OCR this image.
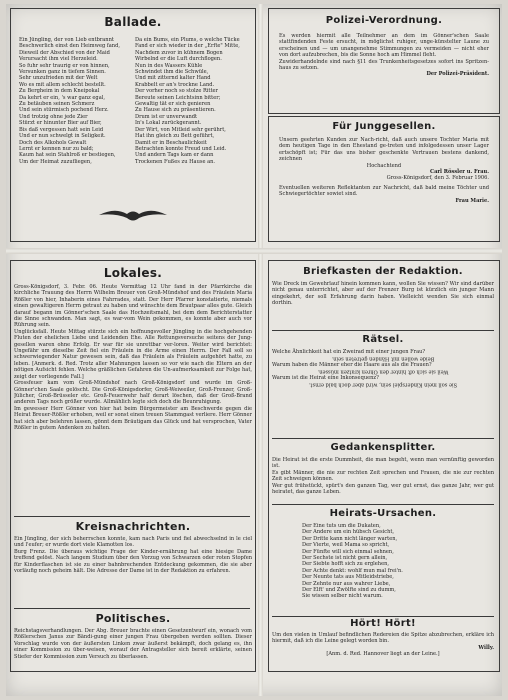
Ballade.
Ein Jüngling, der von Lieb entbrannt
Beschwerlich einst den Heimweg fand,
Dieweil der Abschied von der Maid
Verursacht ihm viel Herzeleid.
So fuhr sehr traurig er von hinnen,
Versunken ganz in tiefem Sinnen.
Sehr unzufrieden mit der Welt
Wo es mit allem schlecht bestellt.
Zu Bergheim in dem Kneipokal
Da kehrt er ein, 's war ganz egal,
Zu betäuben seinen Schmerz
Und sein stürmisch pochend Herz.
Und trotzig ohne jede Zier
Stürzt er hinunter Bier auf Bier,
Bis daß vergessen hatt sein Leid
Und er nun schwelgt in Seligkeit.
Doch des Alkohols Gewalt
Lernt er kennen nur zu bald;
Kaum hat sein Stahlroß er bestiegen,
Um der Heimat zuzufliegen,
Da ein Bums, ein Plums, o welche Tücke
Fand er sich wieder in der „Erfte" Mitte,
Nachdem zuvor in kühnem Bogen
Wirbelnd er die Luft durchflogen.
Nun in des Wassers Kühle
Schwindet ihm die Schwüle,
Und mit zitternd kalter Hand
Krabbelt er an's trockne Land.
Der vorher noch so stolze Ritter
Bereute seinen Leichtsinn bitter;
Gewaltig tät er sich genieren
Zu Hause sich zu präsentieren.
Drum ist er unverwandt
In's Lokal zurückgerannt.
Der Wirt, von Mitleid sehr gerührt,
Hat ihn gleich zu Bett geführt,
Damit er in Beschaulichkeit
Betrachten konnte Freud und Leid.
Und andern Tags kam er dann
Trockenen Fußes zu Hause an.
Polizei-Verordnung.

Es werden hiermit alle Teilnehmer an dem im Gönner'schen Saale stattfindenden Feste ersucht, in möglichst ruhiger, unge-künstelter Laune zu erscheinen und — um unangenehme Stimmungen zu vermeiden — nicht eher von dort aufzubrechen, bis die Sonne hoch am Himmel fleht.

Zuwiderhandelnde sind nach §11 des Trunkenheitsgesetzes sofort ins Spritzen-haus zu setzen.

Der Polizei-Präsident.

Für Junggesellen.

Unsern geehrten Kunden zur Nach-richt, daß auch unsere Tochter Maria mit dem heutigen Tage in den Ehestand ge-treten und infolgedessen unser Lager ertschöpft ist; Für das uns bisher geschenkte Vertrauen bestens dankend, zeichnen

Hochachtend

Carl Rössler u. Frau.

Gross-Königsdorf, den 3. Februar 1906.

Eventuellen weiteren Reflektanten zur Nachricht, daß bald meine Töchter und Schwiegertöchter sowiet sind.

Frau Marie.

Lokales.

Gross-Königsdorf, 3. Febr. 06. Heute Vormittag 12 Uhr fand in der Pfarrkirche die kirchliche Trauung des Herrn Wilhelm Breuer von Groß-Mündshof und des Fräulein Maria Rößler von hier, Inhaberin eines Fahrrades, statt. Der Herr Pfarrer konstatierte, niemals einen gewaltigeren Herrn getraut zu haben und wünschte dem Brautpaar alles gute. Gleich darauf begann im Gönner'schen Saale das Hochzeitsmahl, bei dem dem Berichterstatter die Sinne schwanden. Man sagt, es war-vom Wein gekommen, es konnte aber auch vor Rührung sein.

Unglücksfall. Heute Mittag stürzte sich ein hoffnungsvoller Jüngling in die hochgehenden Fluten der ehelichen Liebe und Leidenden Ehe. Alle Rettungsversuche seitens der Jung-gesellen waren ohne Erfolg. Er war für sie unrettbar ver-loren. Weiter wird berichtet: Ungefähr um dieselbe Zeit fiel ein Fräulein in die Arme einen Herrn. Der Fall soll so schwerwiegender Natur gewesen sein, daß das Fräulein als Fräulein aufgehört hatte, zu leben. [Anmerk. d. Red. Trotz aller Mahnungen lassen so vor wie nach die Eltern an der nötigen Aufsicht fehlen. Welche gräßlichen Gefahren die Un-aufmerksamkeit zur Folge hat, zeigt der vorliegende Fall.]

Grossfeuer kam vom Groß-Mündshof nach Groß-Königsdorf und wurde im Groß-Gönner'chen Saale gelöscht. Die Groß-Königsdorfer, Groß-Weiweiler, Groß-Frenzer, Groß-Jülicher, Groß-Brüsseler etc. Groß-Feuerwehr half derart löschen, daß der Groß-Brand anderen Tags noch größer wurde. Allmählich legte sich doch die Beunruhigung.

Im gewesser Herr Gönner von hier hat beim Bürgermeister am Beschwerde gegen die Heirat Breuer-Rößler erhoben, weil er sonst einen treuen Stammgast verliere. Herr Gönner hat sich aber belehren lassen, gönnt dem Bräutigam das Glück und hat versprochen, Vater Rößler in gutem Andenken zu halten.

Kreisnachrichten.

Ein Jüngling, der sich beherrschen konnte, kam nach Paris und fiel abwechselnd in le ciel und l'eufer; er wurde dort viele Klamotten los.

Burg Frenz. Die überaus wichtige Frage der Kinder-ernährung hat eine hiesige Dame treffend gelöst. Nach langem Studium über den Vorzug von Schwarzen oder roten Stopfen für Kinderflaschen ist sie zu einer bahnbrechenden Entdeckung gekommen, die sie aber vorläufig noch geheim hält. Die Adresse der Dame ist in der Redaktion zu erfahren.

Politisches.

Reichstagsverhandlungen. Der Abg. Breuer brachte einen Gesetzentwurf ein, wonach vom Rößlerschen Janus zur Bändi-gung einer jungen Frau übergeben werden sollten. Dieser Vorschlag wurde von der äußersten Linken zwar äußerst bekämpft, doch gelang es, ihn einer Kommission zu über-weisen, worauf der Antragsteller sich bereit erklärte, seinen Stiefer der Kommission zum Versuch zu überlassen.

Briefkasten der Redaktion.

Wie Dreck im Gewehrlauf hinein kommen kann, wollen Sie wissen? Wir sind darüber nicht genau unterrichtet, aber auf der Frenzer Burg ist kürzlich ein junger Mann eingekehrt, der soll Erfahrung darin haben. Vielleicht wenden Sie sich einmal dorthin.

Rätsel.

Welche Ähnlichkeit hat ein Zweirad mit einer jungen Frau?

Beide wollen mit Händen getreten sein.

Warum haben die Männer eher die Haare aus als die Frauen?

Weil sie sich oft hinter den Ohren kratzen müssen.

Warum ist die Heirat eine Inkonsequenz?

Sie soll mein Kinderspiel sein, wird aber doch bald ernst.

Gedankensplitter.

Die Heirat ist die erste Dummheit, die man begeht, wenn man vernünftig geworden ist.

Es gibt Männer, die nie zur rechten Zeit sprechen und Frauen, die nie zur rechten Zeit schweigen können.

Wer gut frühstückt, spürt's den ganzen Tag, wer gut ernst, das ganze Jahr, wer gut heiratet, das ganze Leben.

Heirats-Ursachen.
Der Eine tuts um die Dukaten,
Der Andere um ein hübsch Gesicht,
Der Dritte kann nicht länger warten,
Der Vierte, weil Mama so spricht,
Der Fünfte will sich einmal sehnen,
Der Sechste ist nicht gern allein,
Der Siebte hofft sich zu erglehen,
Der Achte denkt: wohlf mun mal frei'n.
Der Neunte tats aus Mitleidstriebe,
Der Zehnte nur aus wahrer Liebe,
Der Elft' und Zwölfte sind zu dumm,
Sie wissen selber nicht warum.
Hört! Hört!

Um den vielen in Umlauf befindlichen Redereien die Spitze abzubrechen, erkläre ich hiermit, daß ich die Leine gelegt worden bin.

Willy.

[Anm. d. Red. Hannover liegt an der Leine.]
